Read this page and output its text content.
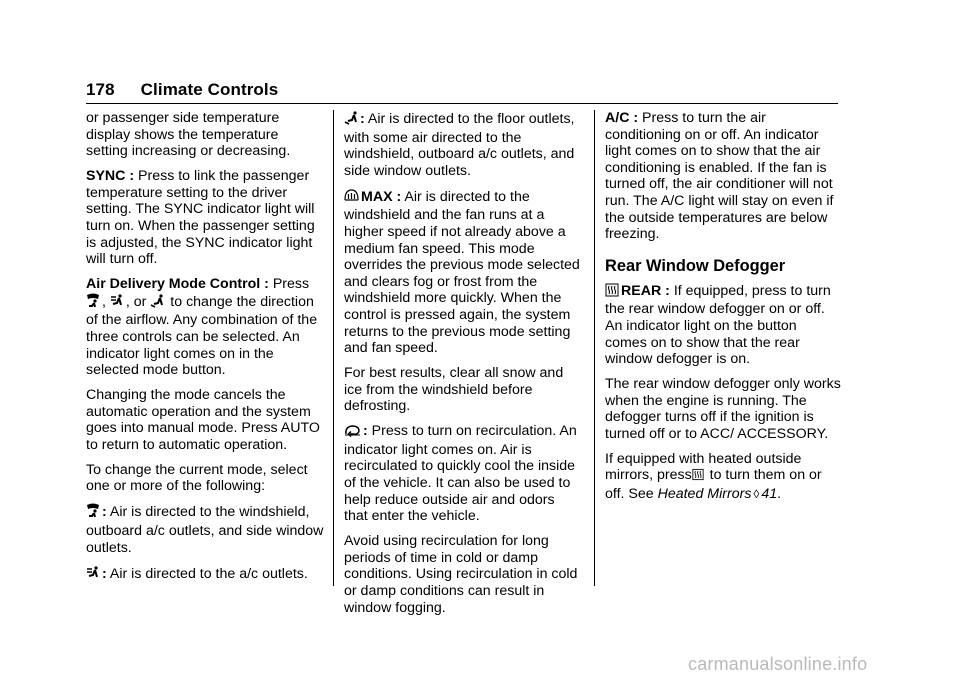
178 Climate Controls

or passenger side temperature display shows the temperature setting increasing or decreasing.

SYNC : Press to link the passenger temperature setting to the driver setting. The SYNC indicator light will turn on. When the passenger setting is adjusted, the SYNC indicator light will turn off.

Air Delivery Mode Control : Press
, , or  to change the direction of the airflow. Any combination of the three controls can be selected. An indicator light comes on in the selected mode button.

Changing the mode cancels the automatic operation and the system goes into manual mode. Press AUTO to return to automatic operation.

To change the current mode, select one or more of the following:

: Air is directed to the windshield, outboard a/c outlets, and side window outlets.

: Air is directed to the a/c outlets.

: Air is directed to the floor outlets, with some air directed to the windshield, outboard a/c outlets, and side window outlets.

MAX : Air is directed to the windshield and the fan runs at a higher speed if not already above a medium fan speed. This mode overrides the previous mode selected and clears fog or frost from the windshield more quickly. When the control is pressed again, the system returns to the previous mode setting and fan speed.

For best results, clear all snow and ice from the windshield before defrosting.

: Press to turn on recirculation. An indicator light comes on. Air is recirculated to quickly cool the inside of the vehicle. It can also be used to help reduce outside air and odors that enter the vehicle.

Avoid using recirculation for long periods of time in cold or damp conditions. Using recirculation in cold or damp conditions can result in window fogging.

A/C : Press to turn the air conditioning on or off. An indicator light comes on to show that the air conditioning is enabled. If the fan is turned off, the air conditioner will not run. The A/C light will stay on even if the outside temperatures are below freezing.

Rear Window Defogger

REAR : If equipped, press to turn the rear window defogger on or off. An indicator light on the button comes on to show that the rear window defogger is on.

The rear window defogger only works when the engine is running. The defogger turns off if the ignition is turned off or to ACC/ ACCESSORY.

If equipped with heated outside mirrors, press to turn them on or off. See Heated Mirrors ◊ 41.

carmanualsonline.info
